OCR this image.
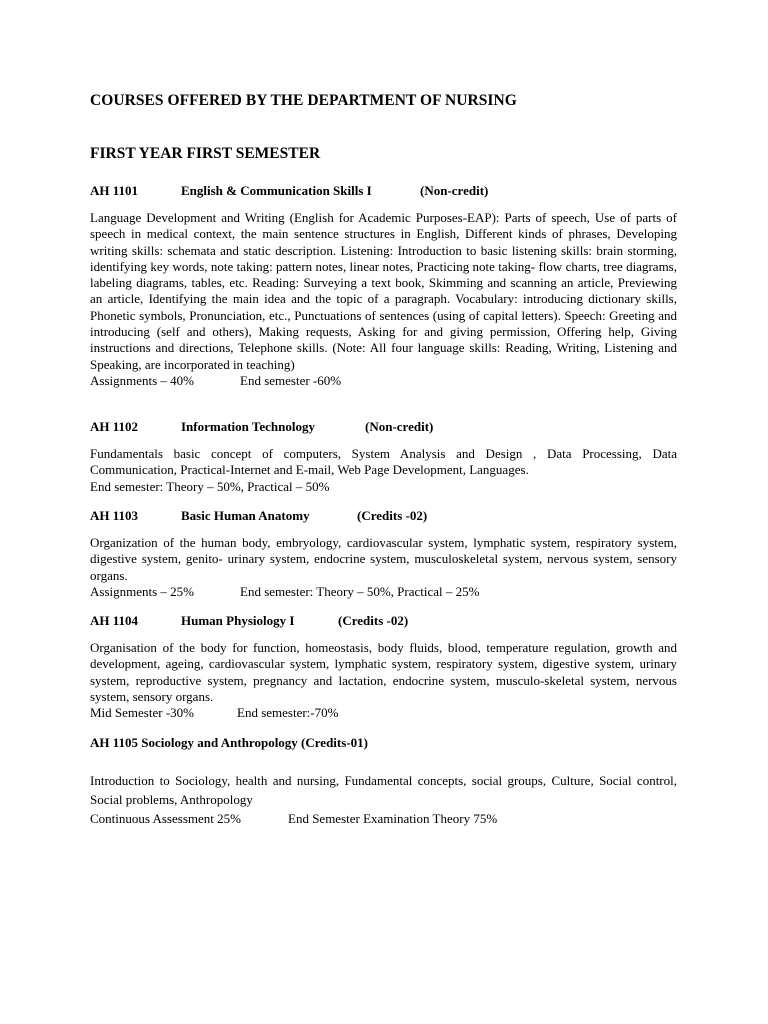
COURSES OFFERED BY THE DEPARTMENT OF NURSING
FIRST YEAR FIRST SEMESTER
AH 1101	English & Communication Skills I	(Non-credit)
Language Development and Writing (English for Academic Purposes-EAP): Parts of speech, Use of parts of speech in medical context, the main sentence structures in English, Different kinds of phrases, Developing writing skills: schemata and static description. Listening: Introduction to basic listening skills: brain storming, identifying key words, note taking: pattern notes, linear notes, Practicing note taking- flow charts, tree diagrams, labeling diagrams, tables, etc. Reading: Surveying a text book, Skimming and scanning an article, Previewing an article, Identifying the main idea and the topic of a paragraph. Vocabulary: introducing dictionary skills, Phonetic symbols, Pronunciation, etc., Punctuations of sentences (using of capital letters). Speech: Greeting and introducing (self and others), Making requests, Asking for and giving permission, Offering help, Giving instructions and directions, Telephone skills. (Note: All four language skills: Reading, Writing, Listening and Speaking, are incorporated in teaching)
Assignments – 40%	End semester -60%
AH 1102	Information Technology	(Non-credit)
Fundamentals basic concept of computers, System Analysis and Design , Data Processing, Data Communication, Practical-Internet and E-mail, Web Page Development, Languages.
End semester: Theory – 50%, Practical – 50%
AH 1103	Basic Human Anatomy	(Credits -02)
Organization of the human body, embryology, cardiovascular system, lymphatic system, respiratory system, digestive system, genito- urinary system, endocrine system, musculoskeletal system, nervous system, sensory organs.
Assignments – 25%	End semester: Theory – 50%, Practical – 25%
AH 1104	Human Physiology I	(Credits -02)
Organisation of the body for function, homeostasis, body fluids, blood, temperature regulation, growth and development, ageing, cardiovascular system, lymphatic system, respiratory system, digestive system, urinary system, reproductive system, pregnancy and lactation, endocrine system, musculo-skeletal system, nervous system, sensory organs.
Mid Semester -30%	End semester:-70%
AH 1105 Sociology and Anthropology (Credits-01)
Introduction to Sociology, health and nursing, Fundamental concepts, social groups, Culture, Social control, Social problems, Anthropology
Continuous Assessment 25%	End Semester Examination Theory 75%
